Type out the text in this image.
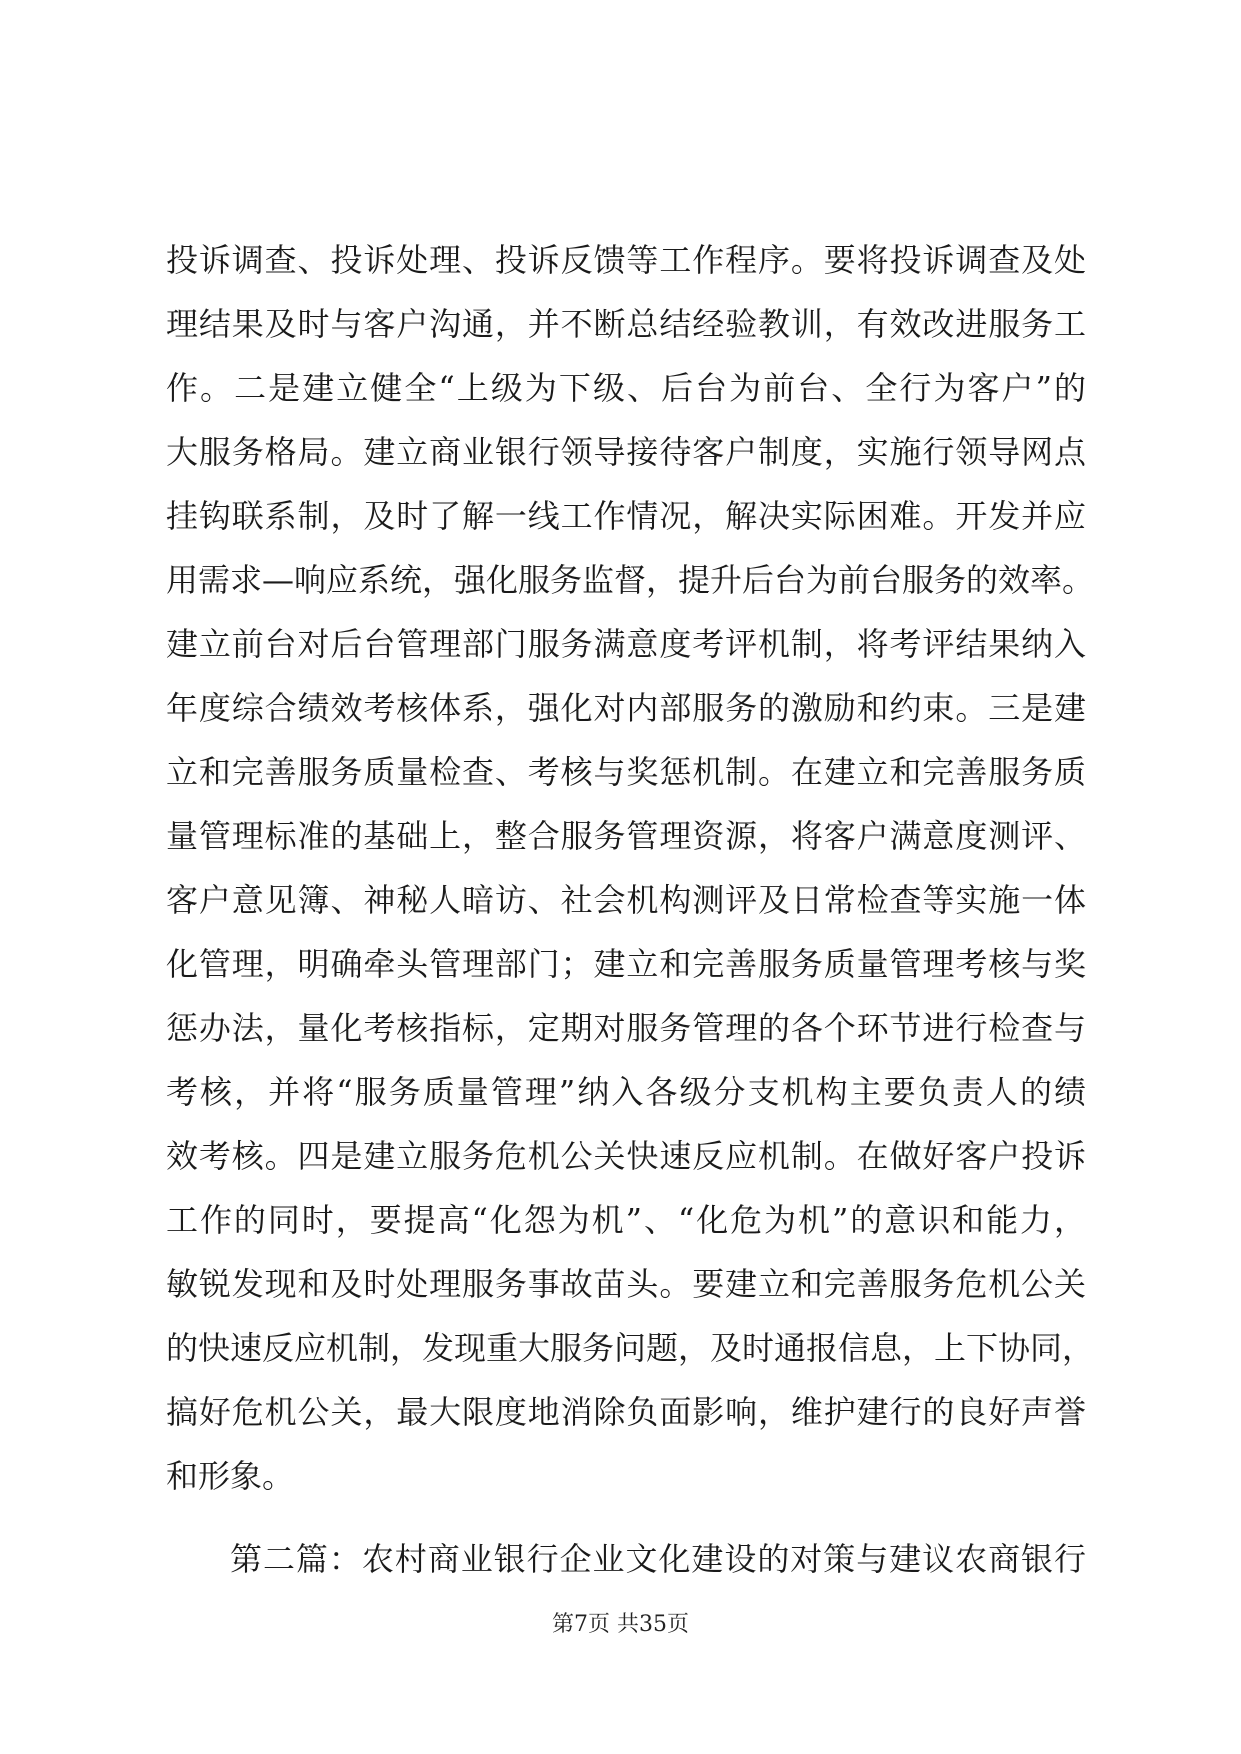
投诉调查、投诉处理、投诉反馈等工作程序。要将投诉调查及处
理结果及时与客户沟通，并不断总结经验教训，有效改进服务工
作。二是建立健全“上级为下级、后台为前台、全行为客户”的
大服务格局。建立商业银行领导接待客户制度，实施行领导网点
挂钩联系制，及时了解一线工作情况，解决实际困难。开发并应
用需求—响应系统，强化服务监督，提升后台为前台服务的效率。
建立前台对后台管理部门服务满意度考评机制，将考评结果纳入
年度综合绩效考核体系，强化对内部服务的激励和约束。三是建
立和完善服务质量检查、考核与奖惩机制。在建立和完善服务质
量管理标准的基础上，整合服务管理资源，将客户满意度测评、
客户意见簿、神秘人暗访、社会机构测评及日常检查等实施一体
化管理，明确牵头管理部门；建立和完善服务质量管理考核与奖
惩办法，量化考核指标，定期对服务管理的各个环节进行检查与
考核，并将“服务质量管理”纳入各级分支机构主要负责人的绩
效考核。四是建立服务危机公关快速反应机制。在做好客户投诉
工作的同时，要提高“化怨为机”、“化危为机”的意识和能力，
敏锐发现和及时处理服务事故苗头。要建立和完善服务危机公关
的快速反应机制，发现重大服务问题，及时通报信息，上下协同，
搞好危机公关，最大限度地消除负面影响，维护建行的良好声誉
和形象。
第二篇：农村商业银行企业文化建设的对策与建议农商银行
第7页 共35页
